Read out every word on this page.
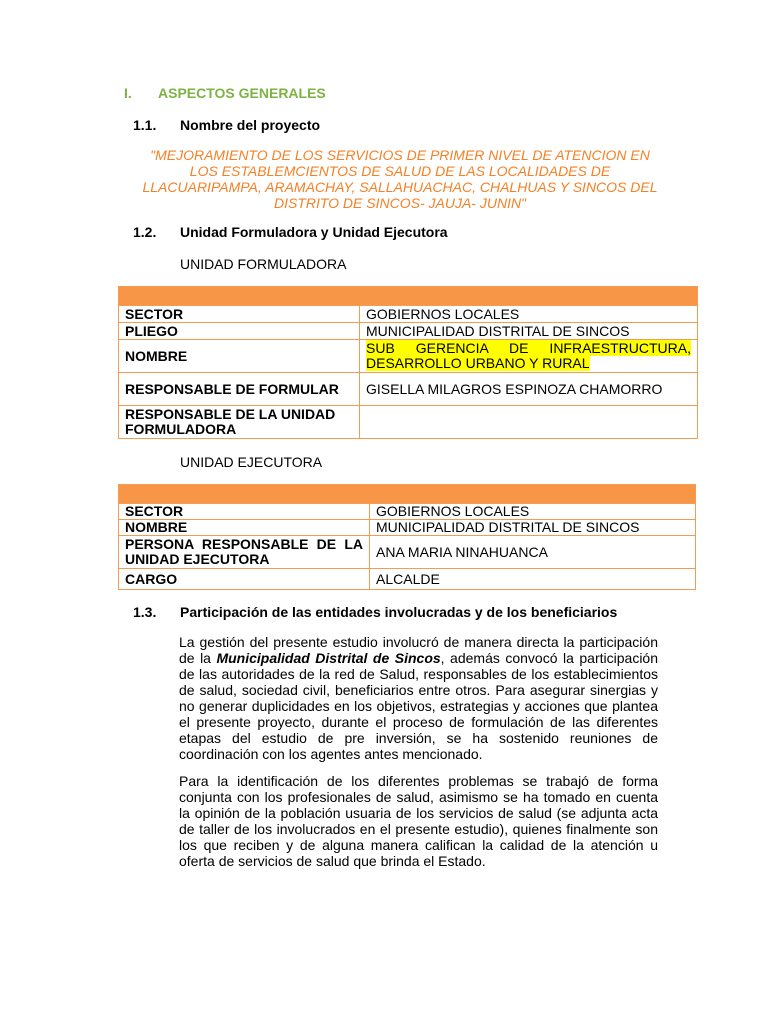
I. ASPECTOS GENERALES
1.1. Nombre del proyecto
"MEJORAMIENTO DE LOS SERVICIOS DE PRIMER NIVEL DE ATENCION EN LOS ESTABLEMCIENTOS DE SALUD DE LAS LOCALIDADES DE LLACUARIPAMPA, ARAMACHAY, SALLAHUACHAC, CHALHUAS Y SINCOS DEL DISTRITO DE SINCOS- JAUJA- JUNIN"
1.2. Unidad Formuladora y Unidad Ejecutora
UNIDAD FORMULADORA

SECTOR	GOBIERNOS LOCALES
PLIEGO	MUNICIPALIDAD DISTRITAL DE SINCOS
NOMBRE	SUB GERENCIA DE INFRAESTRUCTURA, DESARROLLO URBANO Y RURAL
RESPONSABLE DE FORMULAR	GISELLA MILAGROS ESPINOZA CHAMORRO
RESPONSABLE DE LA UNIDAD FORMULADORA	
UNIDAD EJECUTORA

SECTOR	GOBIERNOS LOCALES
NOMBRE	MUNICIPALIDAD DISTRITAL DE SINCOS
PERSONA RESPONSABLE DE LA UNIDAD EJECUTORA	ANA MARIA NINAHUANCA
CARGO	ALCALDE
1.3. Participación de las entidades involucradas y de los beneficiarios
La gestión del presente estudio involucró de manera directa la participación de la Municipalidad Distrital de Sincos, además convocó la participación de las autoridades de la red de Salud, responsables de los establecimientos de salud, sociedad civil, beneficiarios entre otros. Para asegurar sinergias y no generar duplicidades en los objetivos, estrategias y acciones que plantea el presente proyecto, durante el proceso de formulación de las diferentes etapas del estudio de pre inversión, se ha sostenido reuniones de coordinación con los agentes antes mencionado.
Para la identificación de los diferentes problemas se trabajó de forma conjunta con los profesionales de salud, asimismo se ha tomado en cuenta la opinión de la población usuaria de los servicios de salud (se adjunta acta de taller de los involucrados en el presente estudio), quienes finalmente son los que reciben y de alguna manera califican la calidad de la atención u oferta de servicios de salud que brinda el Estado.
